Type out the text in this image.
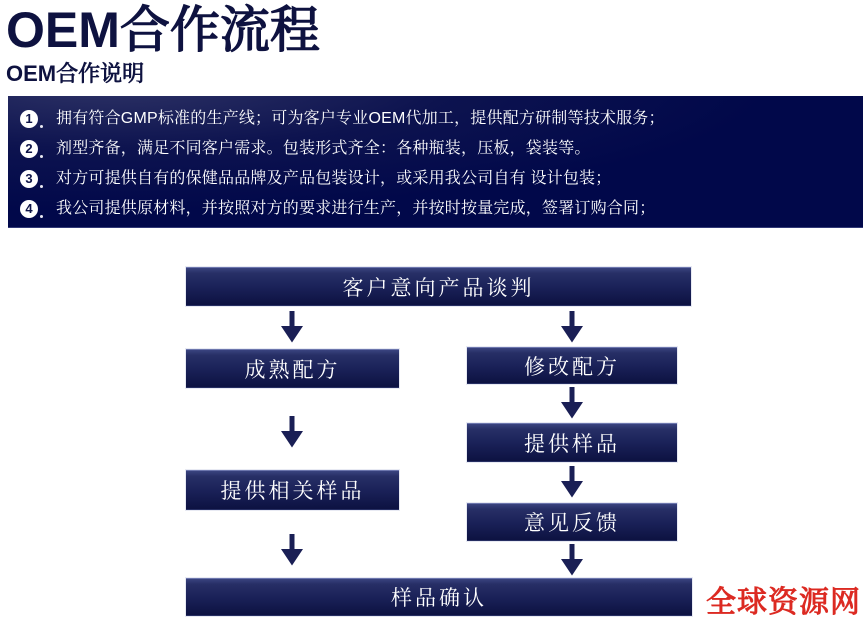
OEM合作流程
OEM合作说明
1	拥有符合GMP标准的生产线；可为客户专业OEM代加工，提供配方研制等技术服务；
2	剂型齐备，满足不同客户需求。包装形式齐全：各种瓶装，压板，袋装等。
3	对方可提供自有的保健品品牌及产品包装设计，或采用我公司自有 设计包装；
4	我公司提供原材料，并按照对方的要求进行生产，并按时按量完成，签署订购合同；
客户意向产品谈判
成熟配方	修改配方
提供样品
提供相关样品
意见反馈
样品确认	全球资源网
